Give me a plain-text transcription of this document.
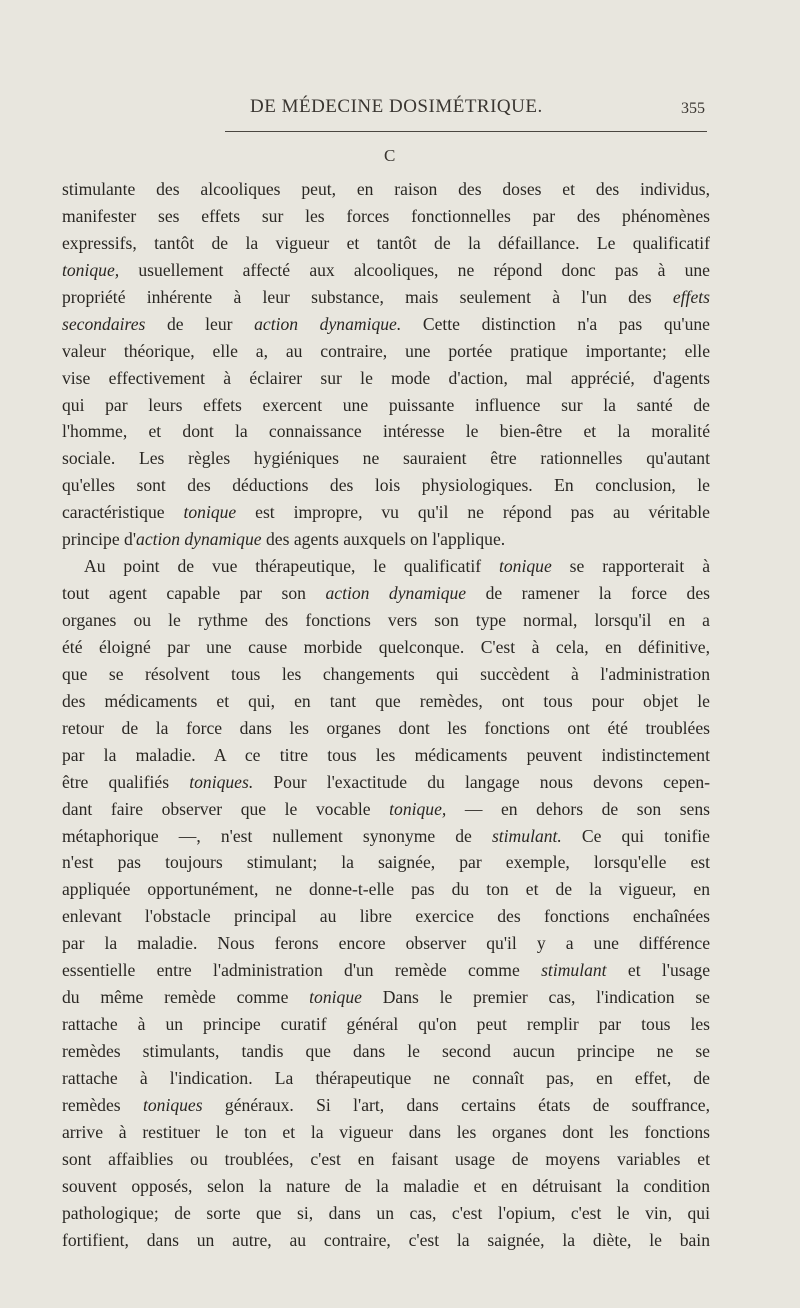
DE MÉDECINE DOSIMÉTRIQUE.	355
C
stimulante des alcooliques peut, en raison des doses et des individus,
manifester ses effets sur les forces fonctionnelles par des phénomènes
expressifs, tantôt de la vigueur et tantôt de la défaillance. Le qualificatif
tonique, usuellement affecté aux alcooliques, ne répond donc pas à une
propriété inhérente à leur substance, mais seulement à l'un des effets
secondaires de leur action dynamique. Cette distinction n'a pas qu'une
valeur théorique, elle a, au contraire, une portée pratique importante; elle
vise effectivement à éclairer sur le mode d'action, mal apprécié, d'agents
qui par leurs effets exercent une puissante influence sur la santé de
l'homme, et dont la connaissance intéresse le bien-être et la moralité
sociale. Les règles hygiéniques ne sauraient être rationnelles qu'autant
qu'elles sont des déductions des lois physiologiques. En conclusion, le
caractéristique tonique est impropre, vu qu'il ne répond pas au véritable
principe d'action dynamique des agents auxquels on l'applique.
Au point de vue thérapeutique, le qualificatif tonique se rapporterait à
tout agent capable par son action dynamique de ramener la force des
organes ou le rythme des fonctions vers son type normal, lorsqu'il en a
été éloigné par une cause morbide quelconque. C'est à cela, en définitive,
que se résolvent tous les changements qui succèdent à l'administration
des médicaments et qui, en tant que remèdes, ont tous pour objet le
retour de la force dans les organes dont les fonctions ont été troublées
par la maladie. A ce titre tous les médicaments peuvent indistinctement
être qualifiés toniques. Pour l'exactitude du langage nous devons cepen-
dant faire observer que le vocable tonique, — en dehors de son sens
métaphorique —, n'est nullement synonyme de stimulant. Ce qui tonifie
n'est pas toujours stimulant; la saignée, par exemple, lorsqu'elle est
appliquée opportunément, ne donne-t-elle pas du ton et de la vigueur, en
enlevant l'obstacle principal au libre exercice des fonctions enchaînées
par la maladie. Nous ferons encore observer qu'il y a une différence
essentielle entre l'administration d'un remède comme stimulant et l'usage
du même remède comme tonique Dans le premier cas, l'indication se
rattache à un principe curatif général qu'on peut remplir par tous les
remèdes stimulants, tandis que dans le second aucun principe ne se
rattache à l'indication. La thérapeutique ne connaît pas, en effet, de
remèdes toniques généraux. Si l'art, dans certains états de souffrance,
arrive à restituer le ton et la vigueur dans les organes dont les fonctions
sont affaiblies ou troublées, c'est en faisant usage de moyens variables et
souvent opposés, selon la nature de la maladie et en détruisant la condition
pathologique; de sorte que si, dans un cas, c'est l'opium, c'est le vin, qui
fortifient, dans un autre, au contraire, c'est la saignée, la diète, le bain
